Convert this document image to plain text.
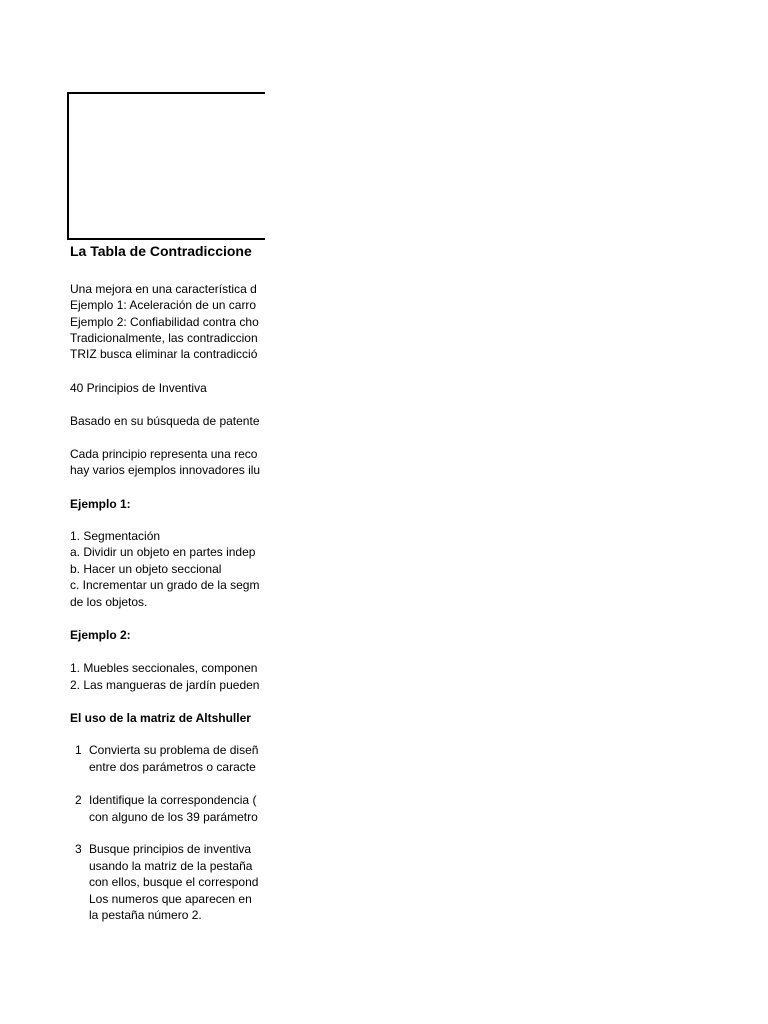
La Tabla de Contradiccione
Una mejora en una característica d
Ejemplo 1: Aceleración de un carro
Ejemplo 2: Confiabilidad contra cho
Tradicionalmente, las contradiccion
TRIZ busca eliminar la contradicció
40 Principios de Inventiva
Basado en su búsqueda de patente
Cada principio representa una reco
hay varios ejemplos innovadores ilu
Ejemplo 1:
1. Segmentación
a. Dividir un objeto en partes indep
b. Hacer un objeto seccional
c. Incrementar un grado de la segm
de los objetos.
Ejemplo 2:
1. Muebles seccionales, componen
2. Las mangueras de jardín pueden
El uso de la matriz de Altshuller
1 Convierta su problema de diseñ
entre dos parámetros o caracte
2 Identifique la correspondencia (
con alguno de los 39 parámetro
3 Busque principios de inventiva
usando la matriz de la pestaña
con ellos, busque el correspond
Los numeros que aparecen en
la pestaña número 2.
